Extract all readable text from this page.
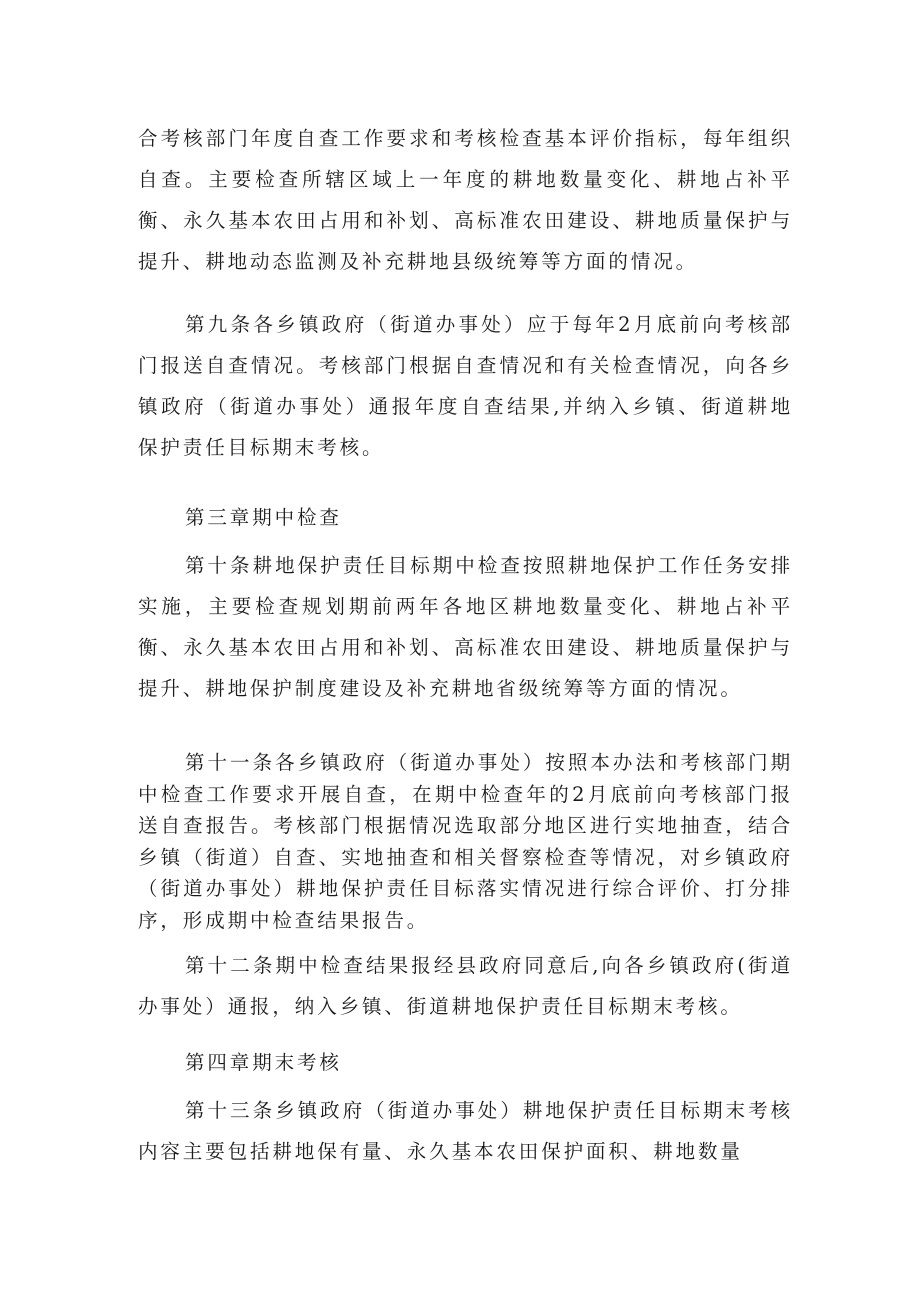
合考核部门年度自查工作要求和考核检查基本评价指标，每年组织自查。主要检查所辖区域上一年度的耕地数量变化、耕地占补平衡、永久基本农田占用和补划、高标准农田建设、耕地质量保护与提升、耕地动态监测及补充耕地县级统筹等方面的情况。

第九条各乡镇政府（街道办事处）应于每年2月底前向考核部门报送自查情况。考核部门根据自查情况和有关检查情况，向各乡镇政府（街道办事处）通报年度自查结果,并纳入乡镇、街道耕地保护责任目标期末考核。

第三章期中检查

第十条耕地保护责任目标期中检查按照耕地保护工作任务安排实施，主要检查规划期前两年各地区耕地数量变化、耕地占补平衡、永久基本农田占用和补划、高标准农田建设、耕地质量保护与提升、耕地保护制度建设及补充耕地省级统筹等方面的情况。

第十一条各乡镇政府（街道办事处）按照本办法和考核部门期中检查工作要求开展自查，在期中检查年的2月底前向考核部门报送自查报告。考核部门根据情况选取部分地区进行实地抽查，结合乡镇（街道）自查、实地抽查和相关督察检查等情况，对乡镇政府（街道办事处）耕地保护责任目标落实情况进行综合评价、打分排序，形成期中检查结果报告。

第十二条期中检查结果报经县政府同意后,向各乡镇政府(街道办事处）通报，纳入乡镇、街道耕地保护责任目标期末考核。

第四章期末考核

第十三条乡镇政府（街道办事处）耕地保护责任目标期末考核内容主要包括耕地保有量、永久基本农田保护面积、耕地数量
